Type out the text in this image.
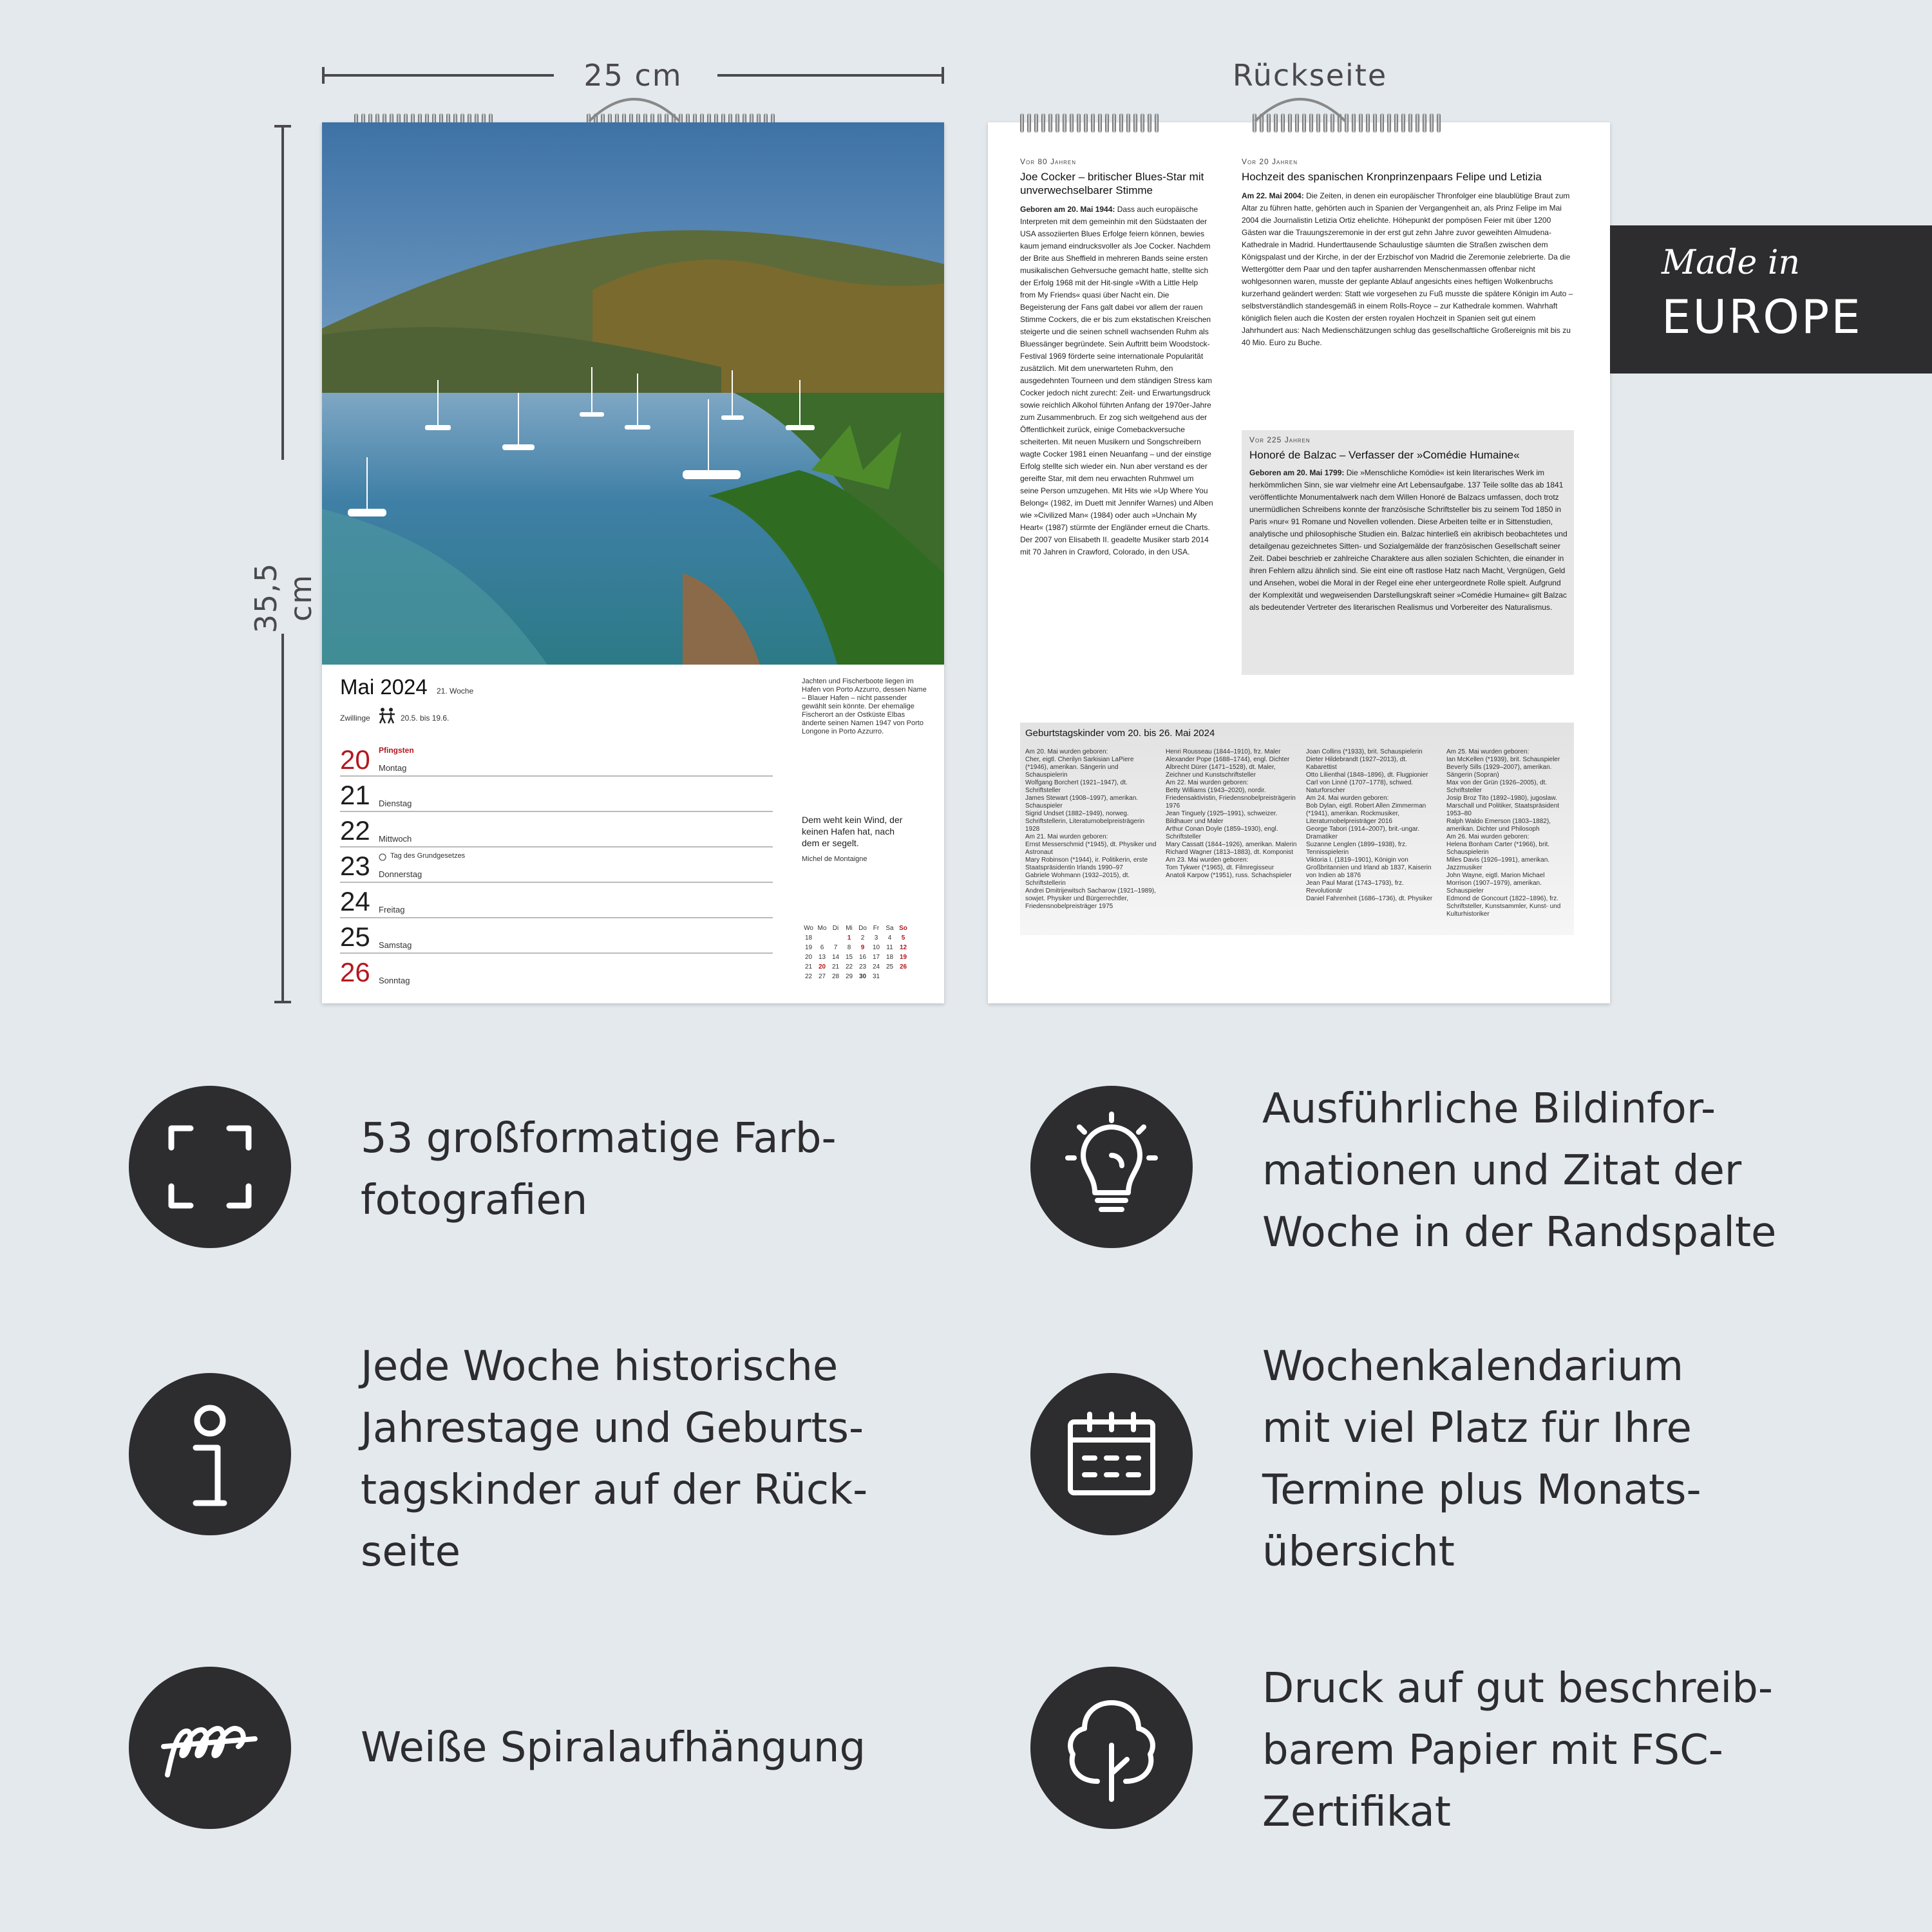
25 cm	Rückseite
35,5 cm

Mai 2024 21. Woche
Zwillinge	20.5. bis 19.6.
Jachten und Fischerboote liegen im Hafen von Porto Azzurro, dessen Name – Blauer Hafen – nicht passender gewählt sein könnte. Der ehemalige Fischerort an der Ostküste Elbas änderte seinen Namen 1947 von Porto Longone in Porto Azzurro.
Dem weht kein Wind, der keinen Hafen hat, nach dem er segelt.
Michel de Montaigne
Wo	Mo	Di	Mi	Do	Fr	Sa	So
18			1	2	3	4	5
19	6	7	8	9	10	11	12
20	13	14	15	16	17	18	19
21	20	21	22	23	24	25	26
22	27	28	29	30	31		
20 Pfingsten
Montag
21 Dienstag
22 Mittwoch
23	Tag des Grundgesetzes
Donnerstag
24 Freitag
25 Samstag
26 Sonntag

Vor 80 Jahren
Joe Cocker – britischer Blues-Star mit unverwechselbarer Stimme
Geboren am 20. Mai 1944: Dass auch europäische Interpreten mit dem gemeinhin mit den Südstaaten der USA assoziierten Blues Erfolge feiern können, bewies kaum jemand eindrucksvoller als Joe Cocker. Nachdem der Brite aus Sheffield in mehreren Bands seine ersten musikalischen Gehversuche gemacht hatte, stellte sich der Erfolg 1968 mit der Hit-single »With a Little Help from My Friends« quasi über Nacht ein. Die Begeisterung der Fans galt dabei vor allem der rauen Stimme Cockers, die er bis zum ekstatischen Kreischen steigerte und die seinen schnell wachsenden Ruhm als Bluessänger begründete. Sein Auftritt beim Woodstock-Festival 1969 förderte seine internationale Popularität zusätzlich. Mit dem unerwarteten Ruhm, den ausgedehnten Tourneen und dem ständigen Stress kam Cocker jedoch nicht zurecht: Zeit- und Erwartungsdruck sowie reichlich Alkohol führten Anfang der 1970er-Jahre zum Zusammenbruch. Er zog sich weitgehend aus der Öffentlichkeit zurück, einige Comebackversuche scheiterten. Mit neuen Musikern und Songschreibern wagte Cocker 1981 einen Neuanfang – und der einstige Erfolg stellte sich wieder ein. Nun aber verstand es der gereifte Star, mit dem neu erwachten Ruhmwel um seine Person umzugehen. Mit Hits wie »Up Where You Belong« (1982, im Duett mit Jennifer Warnes) und Alben wie »Civilized Man« (1984) oder auch »Unchain My Heart« (1987) stürmte der Engländer erneut die Charts. Der 2007 von Elisabeth II. geadelte Musiker starb 2014 mit 70 Jahren in Crawford, Colorado, in den USA.
Vor 20 Jahren
Hochzeit des spanischen Kronprinzenpaars Felipe und Letizia
Am 22. Mai 2004: Die Zeiten, in denen ein europäischer Thronfolger eine blaublütige Braut zum Altar zu führen hatte, gehörten auch in Spanien der Vergangenheit an, als Prinz Felipe im Mai 2004 die Journalistin Letizia Ortiz ehelichte. Höhepunkt der pompösen Feier mit über 1200 Gästen war die Trauungszeremonie in der erst gut zehn Jahre zuvor geweihten Almudena-Kathedrale in Madrid. Hunderttausende Schaulustige säumten die Straßen zwischen dem Königspalast und der Kirche, in der der Erzbischof von Madrid die Zeremonie zelebrierte. Da die Wettergötter dem Paar und den tapfer ausharrenden Menschenmassen offenbar nicht wohlgesonnen waren, musste der geplante Ablauf angesichts eines heftigen Wolkenbruchs kurzerhand geändert werden: Statt wie vorgesehen zu Fuß musste die spätere Königin im Auto – selbstverständlich standesgemäß in einem Rolls-Royce – zur Kathedrale kommen. Wahrhaft königlich fielen auch die Kosten der ersten royalen Hochzeit in Spanien seit gut einem Jahrhundert aus: Nach Medienschätzungen schlug das gesellschaftliche Großereignis mit bis zu 40 Mio. Euro zu Buche.
Vor 225 Jahren
Honoré de Balzac – Verfasser der »Comédie Humaine«
Geboren am 20. Mai 1799: Die »Menschliche Komödie« ist kein literarisches Werk im herkömmlichen Sinn, sie war vielmehr eine Art Lebensaufgabe. 137 Teile sollte das ab 1841 veröffentlichte Monumentalwerk nach dem Willen Honoré de Balzacs umfassen, doch trotz unermüdlichen Schreibens konnte der französische Schriftsteller bis zu seinem Tod 1850 in Paris »nur« 91 Romane und Novellen vollenden. Diese Arbeiten teilte er in Sittenstudien, analytische und philosophische Studien ein. Balzac hinterließ ein akribisch beobachtetes und detailgenau gezeichnetes Sitten- und Sozialgemälde der französischen Gesellschaft seiner Zeit. Dabei beschrieb er zahlreiche Charaktere aus allen sozialen Schichten, die einander in ihren Fehlern allzu ähnlich sind. Sie eint eine oft rastlose Hatz nach Macht, Vergnügen, Geld und Ansehen, wobei die Moral in der Regel eine eher untergeordnete Rolle spielt. Aufgrund der Komplexität und wegweisenden Darstellungskraft seiner »Comédie Humaine« gilt Balzac als bedeutender Vertreter des literarischen Realismus und Vorbereiter des Naturalismus.
Geburtstagskinder vom 20. bis 26. Mai 2024
Am 20. Mai wurden geboren:
Cher, eigtl. Cherilyn Sarkisian LaPiere (*1946), amerikan. Sängerin und Schauspielerin
Wolfgang Borchert (1921–1947), dt. Schriftsteller
James Stewart (1908–1997), amerikan. Schauspieler
Sigrid Undset (1882–1949), norweg. Schriftstellerin, Literaturnobelpreisträgerin 1928
Am 21. Mai wurden geboren:
Ernst Messerschmid (*1945), dt. Physiker und Astronaut
Mary Robinson (*1944), ir. Politikerin, erste Staatspräsidentin Irlands 1990–97
Gabriele Wohmann (1932–2015), dt. Schriftstellerin
Andrei Dmitrijewitsch Sacharow (1921–1989), sowjet. Physiker und Bürgerrechtler, Friedensnobelpreisträger 1975
Henri Rousseau (1844–1910), frz. Maler
Alexander Pope (1688–1744), engl. Dichter
Albrecht Dürer (1471–1528), dt. Maler, Zeichner und Kunstschriftsteller
Am 22. Mai wurden geboren:
Betty Williams (1943–2020), nordir. Friedensaktivistin, Friedensnobelpreisträgerin 1976
Jean Tinguely (1925–1991), schweizer. Bildhauer und Maler
Arthur Conan Doyle (1859–1930), engl. Schriftsteller
Mary Cassatt (1844–1926), amerikan. Malerin
Richard Wagner (1813–1883), dt. Komponist
Am 23. Mai wurden geboren:
Tom Tykwer (*1965), dt. Filmregisseur
Anatoli Karpow (*1951), russ. Schachspieler
Joan Collins (*1933), brit. Schauspielerin
Dieter Hildebrandt (1927–2013), dt. Kabarettist
Otto Lilienthal (1848–1896), dt. Flugpionier
Carl von Linné (1707–1778), schwed. Naturforscher
Am 24. Mai wurden geboren:
Bob Dylan, eigtl. Robert Allen Zimmerman (*1941), amerikan. Rockmusiker, Literaturnobelpreisträger 2016
George Tabori (1914–2007), brit.-ungar. Dramatiker
Suzanne Lenglen (1899–1938), frz. Tennisspielerin
Viktoria I. (1819–1901), Königin von Großbritannien und Irland ab 1837, Kaiserin von Indien ab 1876
Jean Paul Marat (1743–1793), frz. Revolutionär
Daniel Fahrenheit (1686–1736), dt. Physiker
Am 25. Mai wurden geboren:
Ian McKellen (*1939), brit. Schauspieler
Beverly Sills (1929–2007), amerikan. Sängerin (Sopran)
Max von der Grün (1926–2005), dt. Schriftsteller
Josip Broz Tito (1892–1980), jugoslaw. Marschall und Politiker, Staatspräsident 1953–80
Ralph Waldo Emerson (1803–1882), amerikan. Dichter und Philosoph
Am 26. Mai wurden geboren:
Helena Bonham Carter (*1966), brit. Schauspielerin
Miles Davis (1926–1991), amerikan. Jazzmusiker
John Wayne, eigtl. Marion Michael Morrison (1907–1979), amerikan. Schauspieler
Edmond de Goncourt (1822–1896), frz. Schriftsteller, Kunstsammler, Kunst- und Kulturhistoriker
Made in
EUROPE
53 großformatige Farb-
fotografien
Ausführliche Bildinfor-
mationen und Zitat der
Woche in der Randspalte
Jede Woche historische
Jahrestage und Geburts-
tagskinder auf der Rück-
seite
Wochenkalendarium
mit viel Platz für Ihre
Termine plus Monats-
übersicht
Weiße Spiralaufhängung
Druck auf gut beschreib-
barem Papier mit FSC-
Zertifikat
